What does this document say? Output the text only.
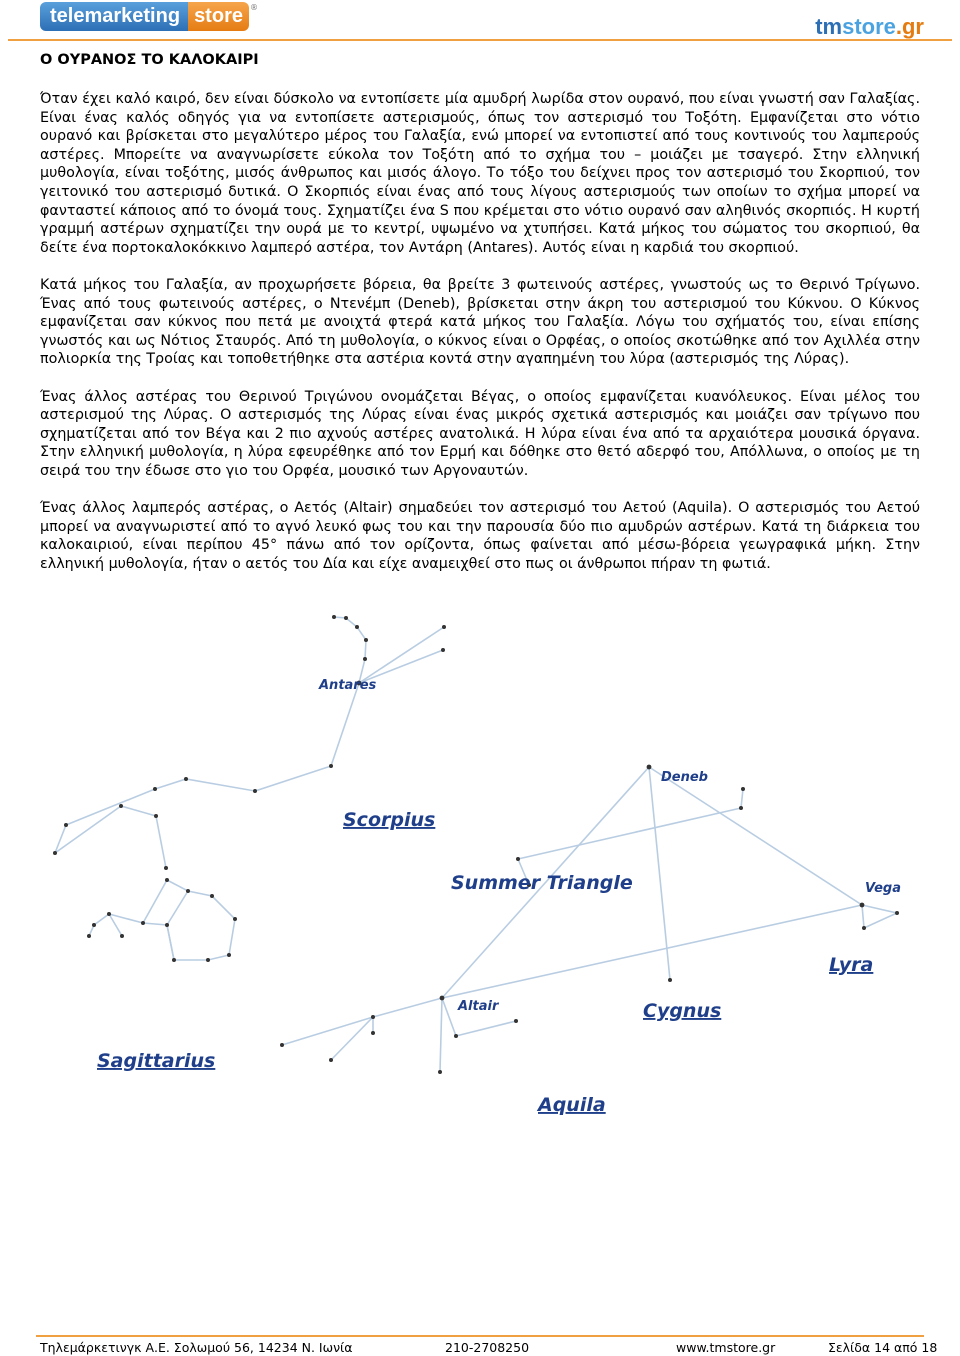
telemarketing store ®
tmstore.gr
Ο ΟΥΡΑΝΟΣ ΤΟ ΚΑΛΟΚΑΙΡΙ

Όταν έχει καλό καιρό, δεν είναι δύσκολο να εντοπίσετε μία αμυδρή λωρίδα στον ουρανό, που είναι γνωστή σαν Γαλαξίας. Είναι ένας καλός οδηγός για να εντοπίσετε αστερισμούς, όπως τον αστερισμό του Τοξότη. Εμφανίζεται στο νότιο ουρανό και βρίσκεται στο μεγαλύτερο μέρος του Γαλαξία, ενώ μπορεί να εντοπιστεί από τους κοντινούς του λαμπερούς αστέρες. Μπορείτε να αναγνωρίσετε εύκολα τον Τοξότη από το σχήμα του – μοιάζει με τσαγερό. Στην ελληνική μυθολογία, είναι τοξότης, μισός άνθρωπος και μισός άλογο. Το τόξο του δείχνει προς τον αστερισμό του Σκορπιού, τον γειτονικό του αστερισμό δυτικά. Ο Σκορπιός είναι ένας από τους λίγους αστερισμούς των οποίων το σχήμα μπορεί να φανταστεί κάποιος από το όνομά τους. Σχηματίζει ένα S που κρέμεται στο νότιο ουρανό σαν αληθινός σκορπιός. Η κυρτή γραμμή αστέρων σχηματίζει την ουρά με το κεντρί, υψωμένο να χτυπήσει. Κατά μήκος του σώματος του σκορπιού, θα δείτε ένα πορτοκαλοκόκκινο λαμπερό αστέρα, τον Αντάρη (Antares). Αυτός είναι η καρδιά του σκορπιού.

Κατά μήκος του Γαλαξία, αν προχωρήσετε βόρεια, θα βρείτε 3 φωτεινούς αστέρες, γνωστούς ως το Θερινό Τρίγωνο. Ένας από τους φωτεινούς αστέρες, ο Ντενέμπ (Deneb), βρίσκεται στην άκρη του αστερισμού του Κύκνου. Ο Κύκνος εμφανίζεται σαν κύκνος που πετά με ανοιχτά φτερά κατά μήκος του Γαλαξία. Λόγω του σχήματός του, είναι επίσης γνωστός και ως Νότιος Σταυρός. Από τη μυθολογία, ο κύκνος είναι ο Ορφέας, ο οποίος σκοτώθηκε από τον Αχιλλέα στην πολιορκία της Τροίας και τοποθετήθηκε στα αστέρια κοντά στην αγαπημένη του λύρα (αστερισμός της Λύρας).

Ένας άλλος αστέρας του Θερινού Τριγώνου ονομάζεται Βέγας, ο οποίος εμφανίζεται κυανόλευκος. Είναι μέλος του αστερισμού της Λύρας. Ο αστερισμός της Λύρας είναι ένας μικρός σχετικά αστερισμός και μοιάζει σαν τρίγωνο που σχηματίζεται από τον Βέγα και 2 πιο αχνούς αστέρες ανατολικά. Η λύρα είναι ένα από τα αρχαιότερα μουσικά όργανα. Στην ελληνική μυθολογία, η λύρα εφευρέθηκε από τον Ερμή και δόθηκε στο θετό αδερφό του, Απόλλωνα, ο οποίος με τη σειρά του την έδωσε στο γιο του Ορφέα, μουσικό των Αργοναυτών.

Ένας άλλος λαμπερός αστέρας, ο Αετός (Altair) σημαδεύει τον αστερισμό του Αετού (Aquila). Ο αστερισμός του Αετού μπορεί να αναγνωριστεί από το αγνό λευκό φως του και την παρουσία δύο πιο αμυδρών αστέρων. Κατά τη διάρκεια του καλοκαιριού, είναι περίπου 45° πάνω από τον ορίζοντα, όπως φαίνεται από μέσω-βόρεια γεωγραφικά μήκη. Στην ελληνική μυθολογία, ήταν ο αετός του Δία και είχε αναμειχθεί στο πως οι άνθρωποι πήραν τη φωτιά.

Antares
Scorpius
Deneb
Summer Triangle	Vega
Lyra
Altair	Cygnus
Sagittarius
Aquila
Τηλεμάρκετινγκ Α.Ε. Σολωμού 56, 14234 Ν. Ιωνία	210-2708250	www.tmstore.gr	Σελίδα 14 από 18
